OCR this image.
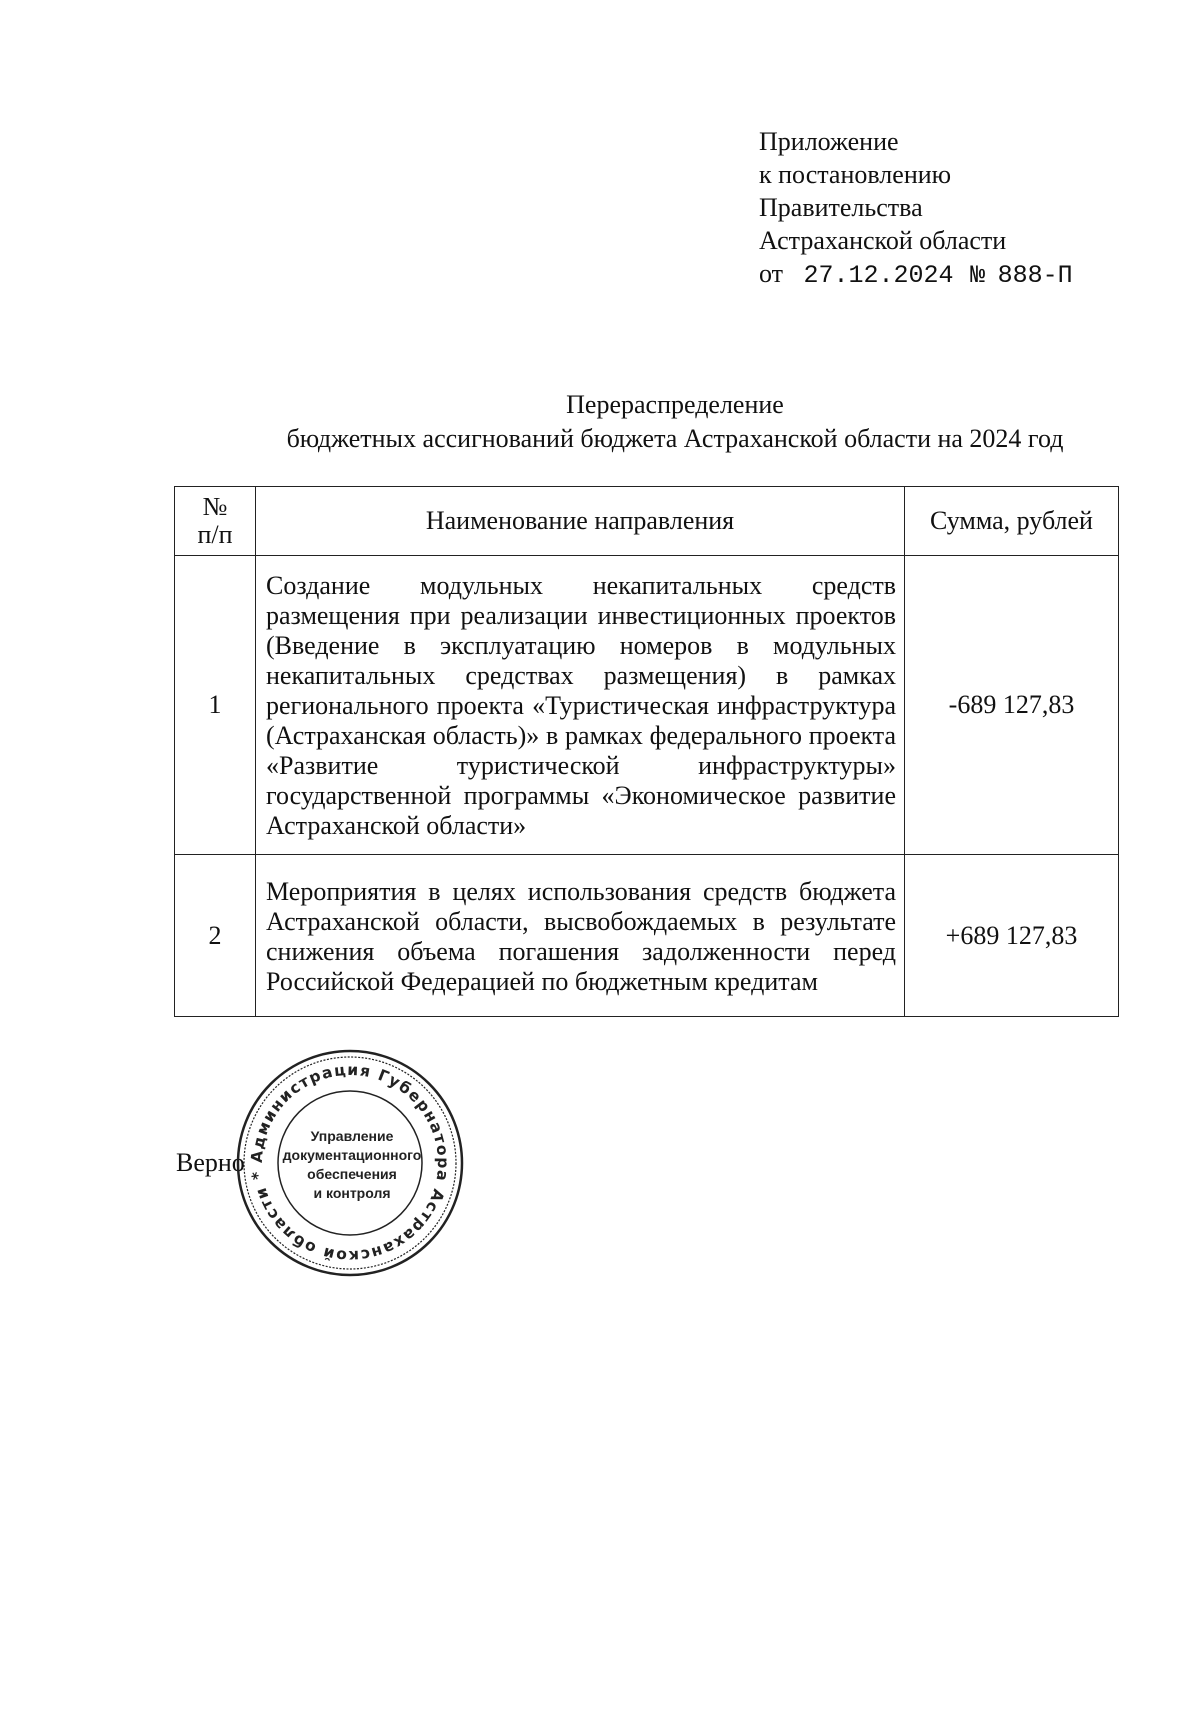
Приложение
к постановлению
Правительства
Астраханской области
от 27.12.2024 № 888-П
Перераспределение
бюджетных ассигнований бюджета Астраханской области на 2024 год
№
п/п	Наименование направления	Сумма, рублей
1	Создание модульных некапитальных средств размещения при реализации инвестиционных проектов (Введение в эксплуатацию номеров в модульных некапитальных средствах размещения) в рамках регионального проекта «Туристическая инфраструктура (Астраханская область)» в рамках федерального проекта «Развитие туристической инфраструктуры» государственной программы «Экономическое развитие Астраханской области»	-689 127,83
2	Мероприятия в целях использования средств бюджета Астраханской области, высвобождаемых в результате снижения объема погашения задолженности перед Российской Федерацией по бюджетным кредитам	+689 127,83
Верно Администрация Губернатора Астраханской области *
Управление
документационного
обеспечения
и контроля
